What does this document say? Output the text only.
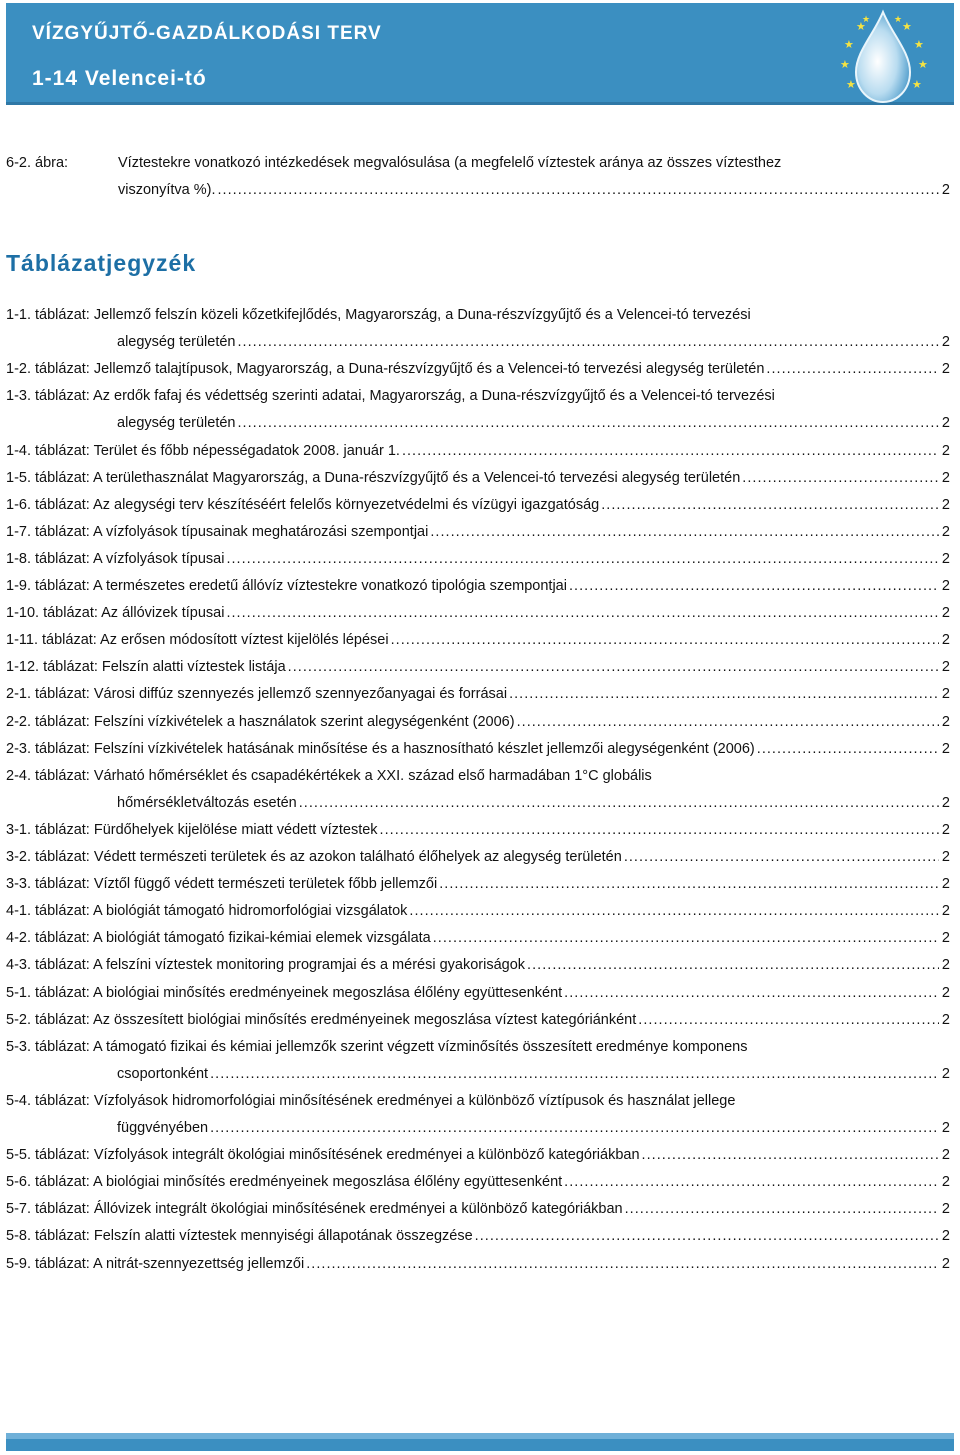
VÍZGYŰJTŐ-GAZDÁLKODÁSI TERV
1-14 Velencei-tó
★	★
★	★
★	★
★	★
★	★
6-2. ábra:	Víztestekre vonatkozó intézkedések megvalósulása (a megfelelő víztestek aránya az összes víztesthez
viszonyítva %). . . .	2
Táblázatjegyzék
1-1. táblázat: Jellemző felszín közeli kőzetkifejlődés, Magyarország, a Duna-részvízgyűjtő és a Velencei-tó tervezési
alegység területén . . .	2
1-2. táblázat: Jellemző talajtípusok, Magyarország, a Duna-részvízgyűjtő és a Velencei-tó tervezési alegység területén . . .	2
1-3. táblázat: Az erdők fafaj és védettség szerinti adatai, Magyarország, a Duna-részvízgyűjtő és a Velencei-tó tervezési
alegység területén . . .	2
1-4. táblázat: Terület és főbb népességadatok 2008. január 1. . . .	2
1-5. táblázat: A területhasználat Magyarország, a Duna-részvízgyűjtő és a Velencei-tó tervezési alegység területén . . .	2
1-6. táblázat: Az alegységi terv készítéséért felelős környezetvédelmi és vízügyi igazgatóság . . .	2
1-7. táblázat: A vízfolyások típusainak meghatározási szempontjai . . .	2
1-8. táblázat: A vízfolyások típusai . . .	2
1-9. táblázat: A természetes eredetű állóvíz víztestekre vonatkozó tipológia szempontjai . . .	2
1-10. táblázat: Az állóvizek típusai . . .	2
1-11. táblázat: Az erősen módosított víztest kijelölés lépései . . .	2
1-12. táblázat: Felszín alatti víztestek listája . . .	2
2-1. táblázat: Városi diffúz szennyezés jellemző szennyezőanyagai és forrásai . . .	2
2-2. táblázat: Felszíni vízkivételek a használatok szerint alegységenként (2006) . . .	2
2-3. táblázat: Felszíni vízkivételek hatásának minősítése és a hasznosítható készlet jellemzői alegységenként (2006) . . .	2
2-4. táblázat: Várható hőmérséklet és csapadékértékek a XXI. század első harmadában 1°C globális
hőmérsékletváltozás esetén . . .	2
3-1. táblázat: Fürdőhelyek kijelölése miatt védett víztestek . . .	2
3-2. táblázat: Védett természeti területek és az azokon található élőhelyek az alegység területén . . .	2
3-3. táblázat: Víztől függő védett természeti területek főbb jellemzői . . .	2
4-1. táblázat: A biológiát támogató hidromorfológiai vizsgálatok . . .	2
4-2. táblázat: A biológiát támogató fizikai-kémiai elemek vizsgálata . . .	2
4-3. táblázat: A felszíni víztestek monitoring programjai és a mérési gyakoriságok . . .	2
5-1. táblázat: A biológiai minősítés eredményeinek megoszlása élőlény együttesenként . . .	2
5-2. táblázat: Az összesített biológiai minősítés eredményeinek megoszlása víztest kategóriánként . . .	2
5-3. táblázat: A támogató fizikai és kémiai jellemzők szerint végzett vízminősítés összesített eredménye komponens
csoportonként . . .	2
5-4. táblázat: Vízfolyások hidromorfológiai minősítésének eredményei a különböző víztípusok és használat jellege
függvényében . . .	2
5-5. táblázat: Vízfolyások integrált ökológiai minősítésének eredményei a különböző kategóriákban . . .	2
5-6. táblázat: A biológiai minősítés eredményeinek megoszlása élőlény együttesenként . . .	2
5-7. táblázat: Állóvizek integrált ökológiai minősítésének eredményei a különböző kategóriákban . . .	2
5-8. táblázat: Felszín alatti víztestek mennyiségi állapotának összegzése . . .	2
5-9. táblázat: A nitrát-szennyezettség jellemzői . . .	2
